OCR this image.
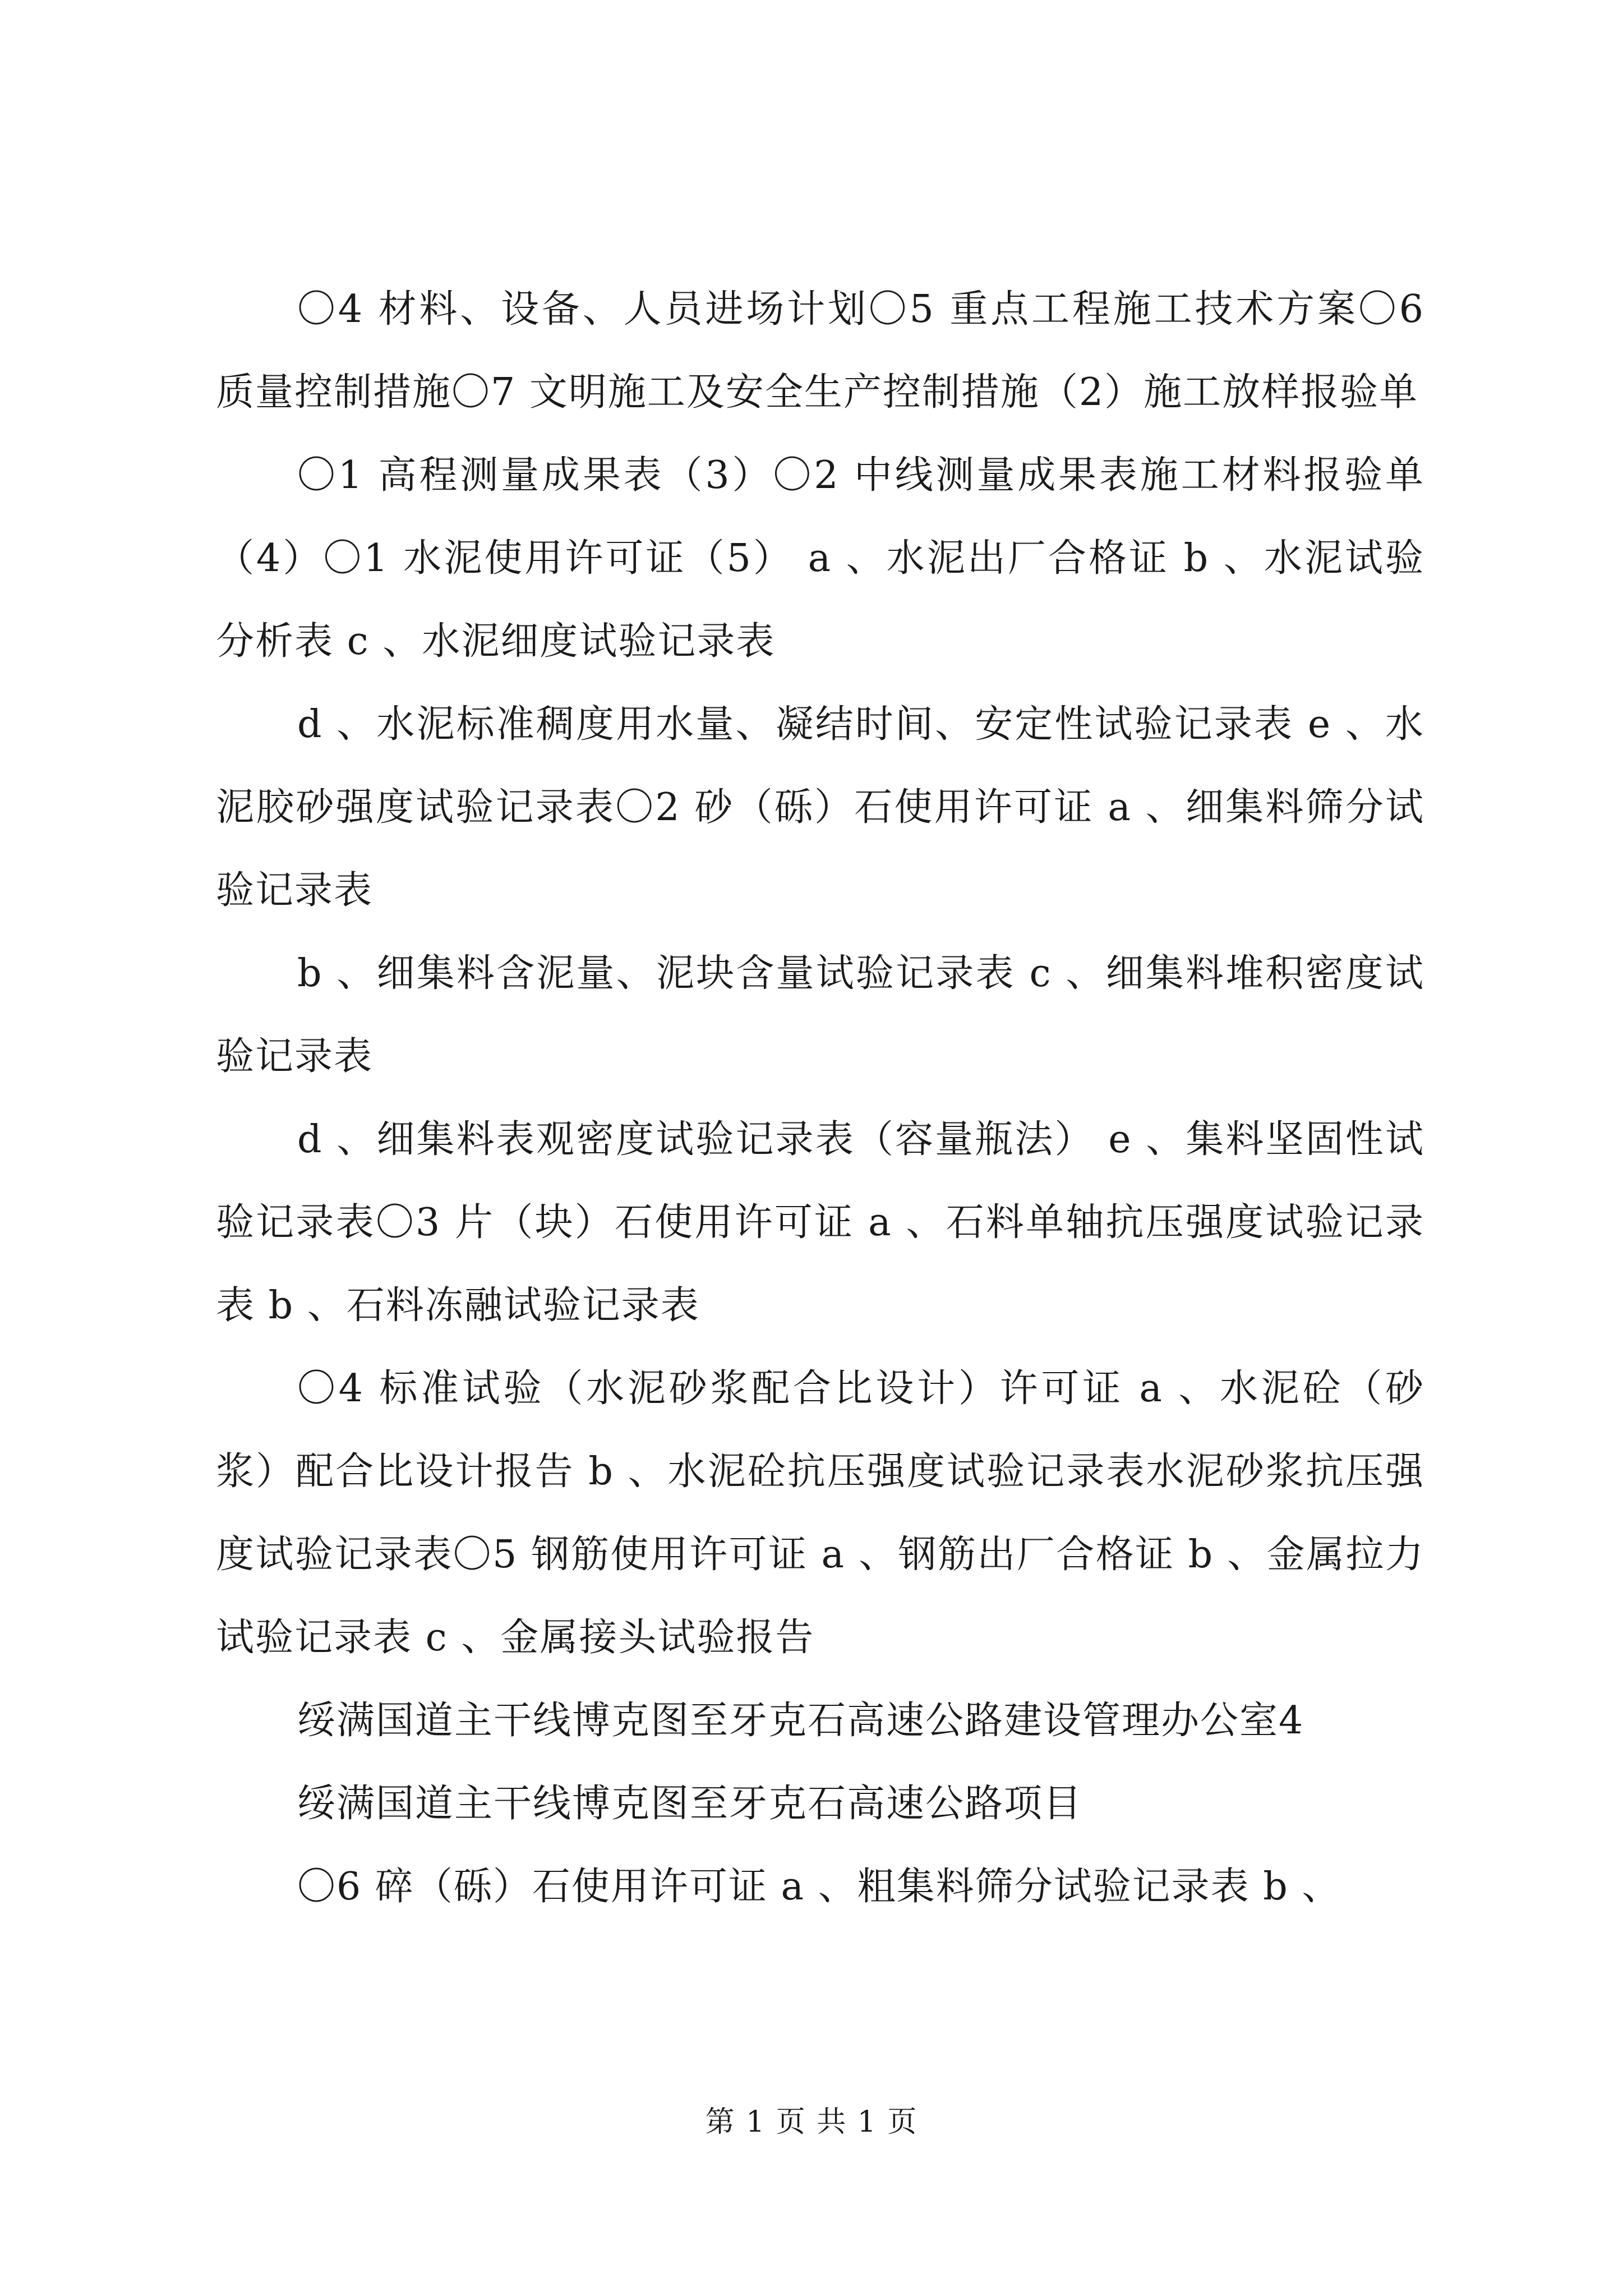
〇4 材料、设备、人员进场计划〇5 重点工程施工技术方案〇6 质量控制措施〇7 文明施工及安全生产控制措施（2）施工放样报验单

〇1 高程测量成果表（3）〇2 中线测量成果表施工材料报验单（4）〇1 水泥使用许可证（5） a 、水泥出厂合格证 b 、水泥试验分析表 c 、水泥细度试验记录表

d 、水泥标准稠度用水量、凝结时间、安定性试验记录表 e 、水泥胶砂强度试验记录表〇2 砂（砾）石使用许可证 a 、细集料筛分试验记录表

b 、细集料含泥量、泥块含量试验记录表 c 、细集料堆积密度试验记录表

d 、细集料表观密度试验记录表（容量瓶法） e 、集料坚固性试验记录表〇3 片（块）石使用许可证 a 、石料单轴抗压强度试验记录表 b 、石料冻融试验记录表

〇4 标准试验（水泥砂浆配合比设计）许可证 a 、水泥砼（砂浆）配合比设计报告 b 、水泥砼抗压强度试验记录表水泥砂浆抗压强度试验记录表〇5 钢筋使用许可证 a 、钢筋出厂合格证 b 、金属拉力试验记录表 c 、金属接头试验报告

绥满国道主干线博克图至牙克石高速公路建设管理办公室4

绥满国道主干线博克图至牙克石高速公路项目

〇6 碎（砾）石使用许可证 a 、粗集料筛分试验记录表 b 、

第 1 页 共 1 页
